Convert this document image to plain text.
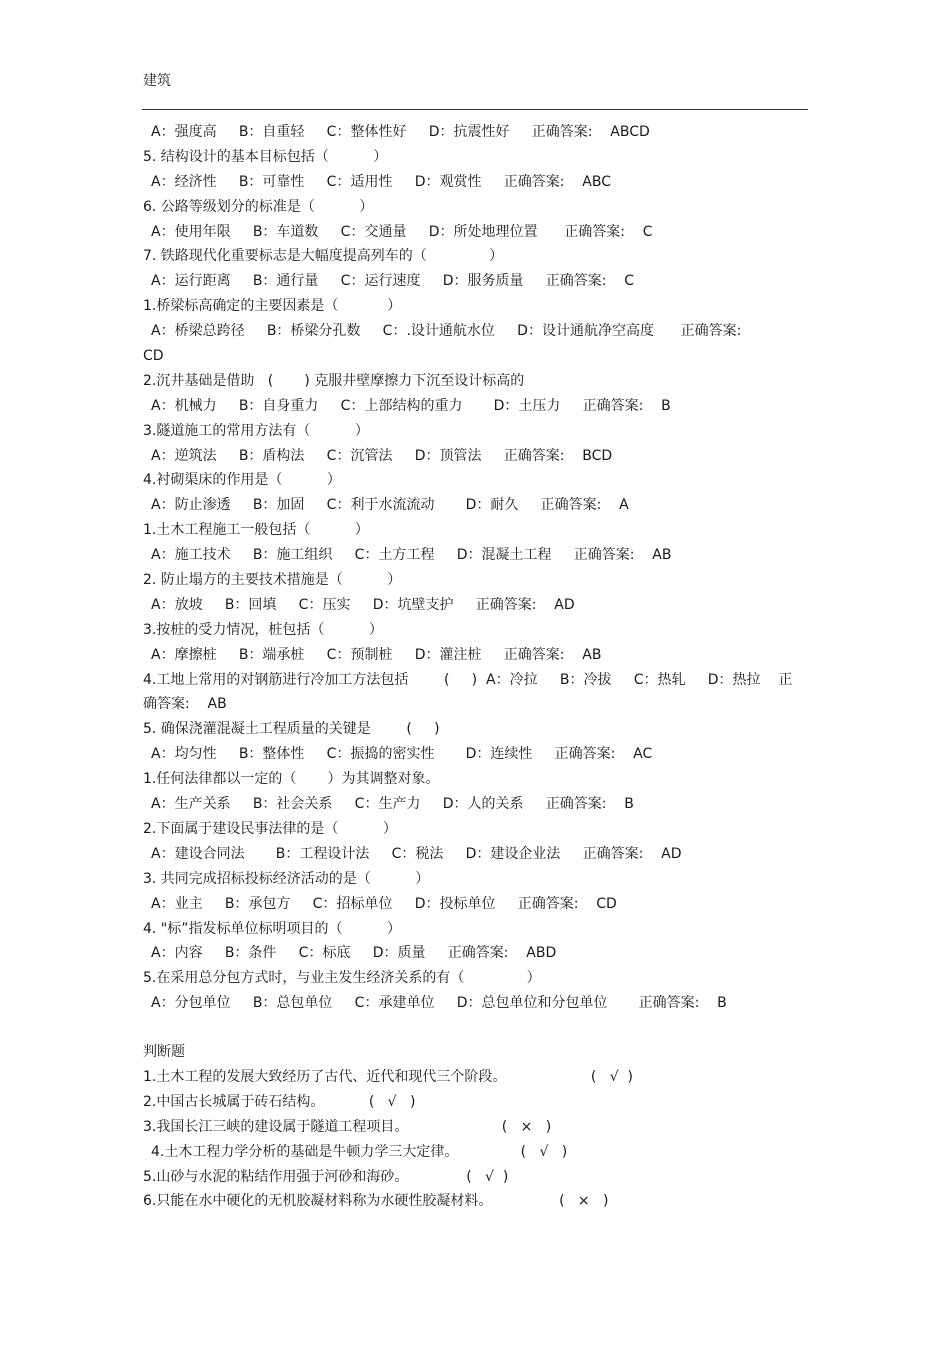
建筑
A：强度高     B：自重轻     C：整体性好     D：抗震性好     正确答案:    ABCD
5. 结构设计的基本目标包括（          ）
A：经济性     B：可靠性     C：适用性     D：观赏性     正确答案:    ABC
6. 公路等级划分的标准是（          ）
A：使用年限     B：车道数     C：交通量     D：所处地理位置      正确答案:    C
7. 铁路现代化重要标志是大幅度提高列车的（              ）
A：运行距离     B：通行量     C：运行速度     D：服务质量     正确答案:    C
1.桥梁标高确定的主要因素是（           ）
A：桥梁总跨径     B：桥梁分孔数     C：.设计通航水位     D：设计通航净空高度      正确答案:
CD
2.沉井基础是借助   (       ) 克服井壁摩擦力下沉至设计标高的
A：机械力     B：自身重力     C：上部结构的重力       D：土压力     正确答案:    B
3.隧道施工的常用方法有（          ）
A：逆筑法     B：盾构法     C：沉管法     D：顶管法     正确答案:    BCD
4.衬砌渠床的作用是（          ）
A：防止渗透     B：加固     C：利于水流流动       D：耐久     正确答案:    A
1.土木工程施工一般包括（          ）
A：施工技术     B：施工组织     C：土方工程     D：混凝土工程     正确答案:    AB
2. 防止塌方的主要技术措施是（          ）
A：放坡     B：回填     C：压实     D：坑壁支护     正确答案:    AD
3.按桩的受力情况，桩包括（          ）
A：摩擦桩     B：端承桩     C：预制桩     D：灌注桩     正确答案:    AB
4.工地上常用的对钢筋进行冷加工方法包括        (     )  A：冷拉     B：冷拔     C：热轧     D：热拉    正
确答案:    AB
5. 确保浇灌混凝土工程质量的关键是        (     )
A：均匀性     B：整体性     C：振捣的密实性       D：连续性     正确答案:    AC
1.任何法律都以一定的（       ）为其调整对象。
A：生产关系     B：社会关系     C：生产力     D：人的关系     正确答案:    B
2.下面属于建设民事法律的是（          ）
A：建设合同法       B：工程设计法     C：税法     D：建设企业法     正确答案:    AD
3. 共同完成招标投标经济活动的是（          ）
A：业主     B：承包方     C：招标单位     D：投标单位     正确答案:    CD
4. "标”指发标单位标明项目的（          ）
A：内容     B：条件     C：标底     D：质量     正确答案:    ABD
5.在采用总分包方式时，与业主发生经济关系的有（              ）
A：分包单位     B：总包单位     C：承建单位     D：总包单位和分包单位       正确答案:    B
判断题
1.土木工程的发展大致经历了古代、近代和现代三个阶段。                   (   √  )
2.中国古长城属于砖石结构。          (   √   )
3.我国长江三峡的建设属于隧道工程项目。                     (   ×   )
4.土木工程力学分析的基础是牛顿力学三大定律。              (   √   )
5.山砂与水泥的粘结作用强于河砂和海砂。             (   √  )
6.只能在水中硬化的无机胶凝材料称为水硬性胶凝材料。               (   ×   )
